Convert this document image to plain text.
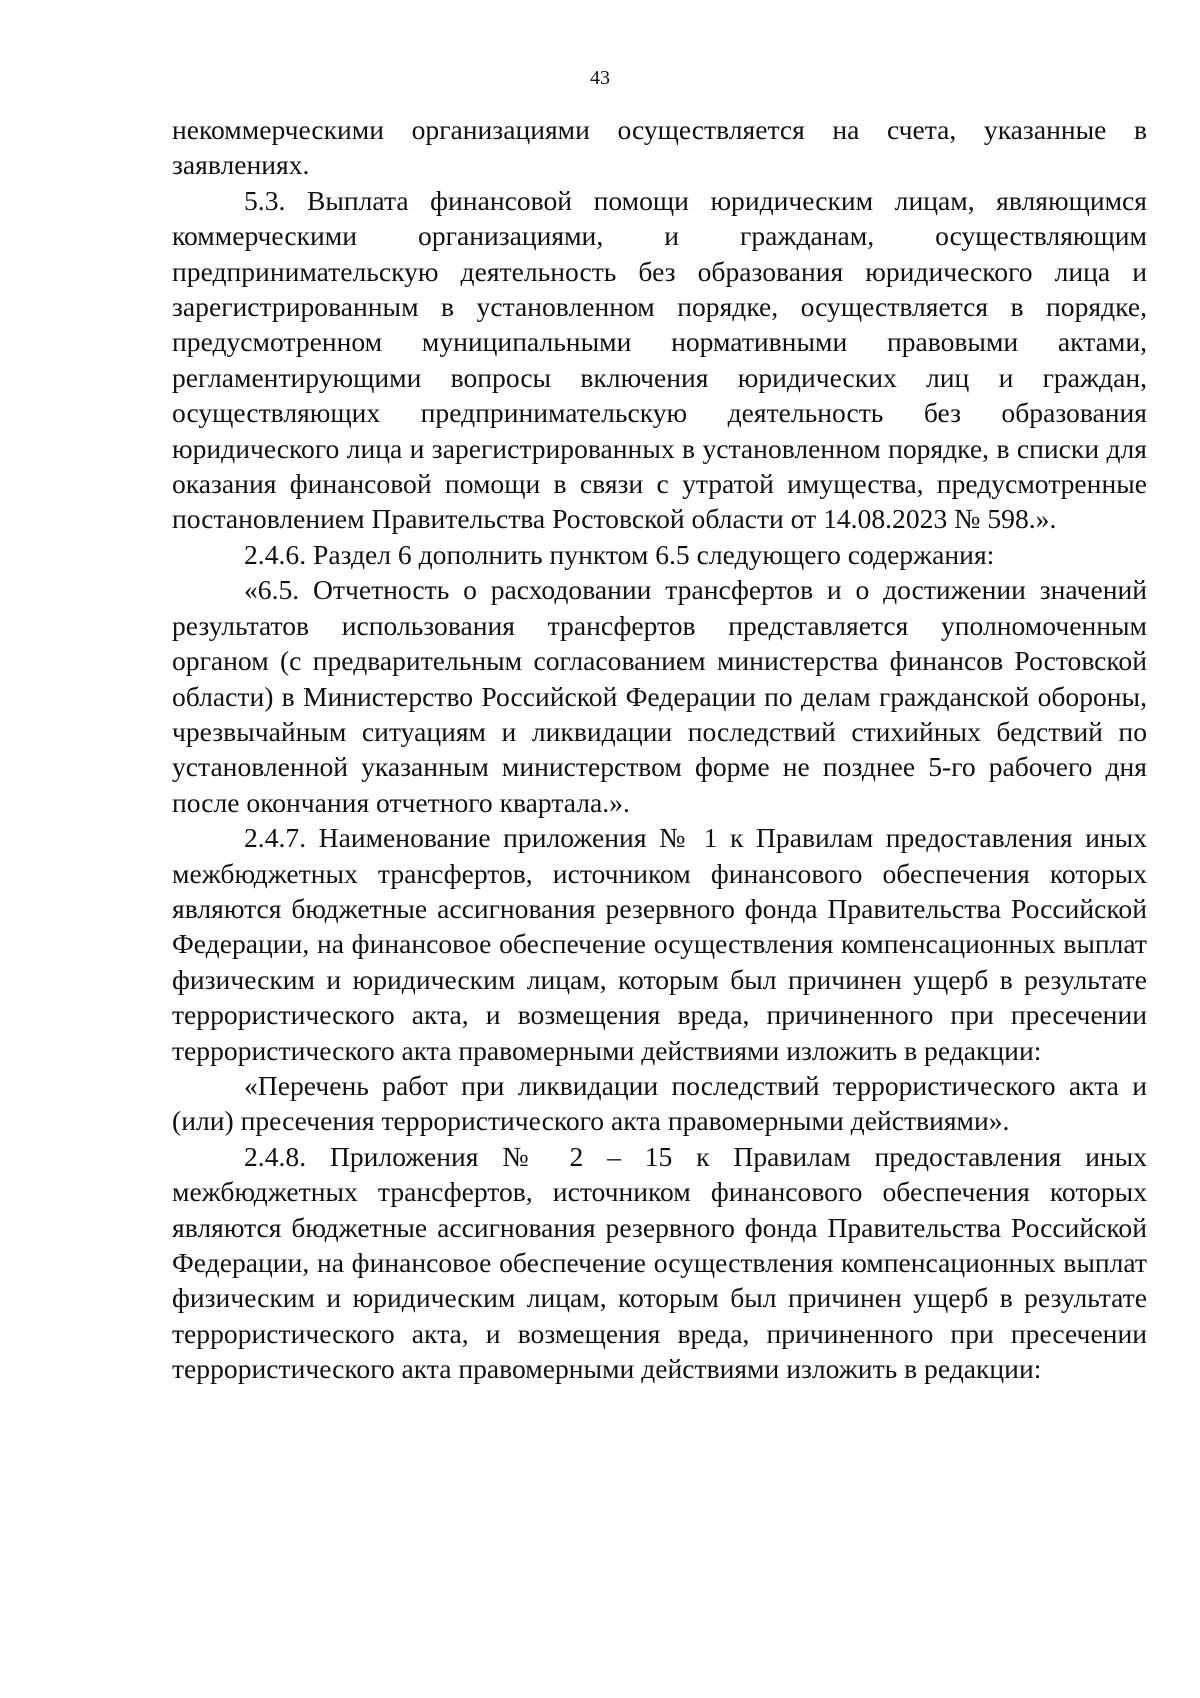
43

некоммерческими организациями осуществляется на счета, указанные в заявлениях.

5.3. Выплата финансовой помощи юридическим лицам, являющимся коммерческими организациями, и гражданам, осуществляющим предпринимательскую деятельность без образования юридического лица и зарегистрированным в установленном порядке, осуществляется в порядке, предусмотренном муниципальными нормативными правовыми актами, регламентирующими вопросы включения юридических лиц и граждан, осуществляющих предпринимательскую деятельность без образования юридического лица и зарегистрированных в установленном порядке, в списки для оказания финансовой помощи в связи с утратой имущества, предусмотренные постановлением Правительства Ростовской области от 14.08.2023 № 598.».

2.4.6. Раздел 6 дополнить пунктом 6.5 следующего содержания:

«6.5. Отчетность о расходовании трансфертов и о достижении значений результатов использования трансфертов представляется уполномоченным органом (с предварительным согласованием министерства финансов Ростовской области) в Министерство Российской Федерации по делам гражданской обороны, чрезвычайным ситуациям и ликвидации последствий стихийных бедствий по установленной указанным министерством форме не позднее 5-го рабочего дня после окончания отчетного квартала.».

2.4.7. Наименование приложения № 1 к Правилам предоставления иных межбюджетных трансфертов, источником финансового обеспечения которых являются бюджетные ассигнования резервного фонда Правительства Российской Федерации, на финансовое обеспечение осуществления компенсационных выплат физическим и юридическим лицам, которым был причинен ущерб в результате террористического акта, и возмещения вреда, причиненного при пресечении террористического акта правомерными действиями изложить в редакции:

«Перечень работ при ликвидации последствий террористического акта и (или) пресечения террористического акта правомерными действиями».

2.4.8. Приложения № 2 – 15 к Правилам предоставления иных межбюджетных трансфертов, источником финансового обеспечения которых являются бюджетные ассигнования резервного фонда Правительства Российской Федерации, на финансовое обеспечение осуществления компенсационных выплат физическим и юридическим лицам, которым был причинен ущерб в результате террористического акта, и возмещения вреда, причиненного при пресечении террористического акта правомерными действиями изложить в редакции:
